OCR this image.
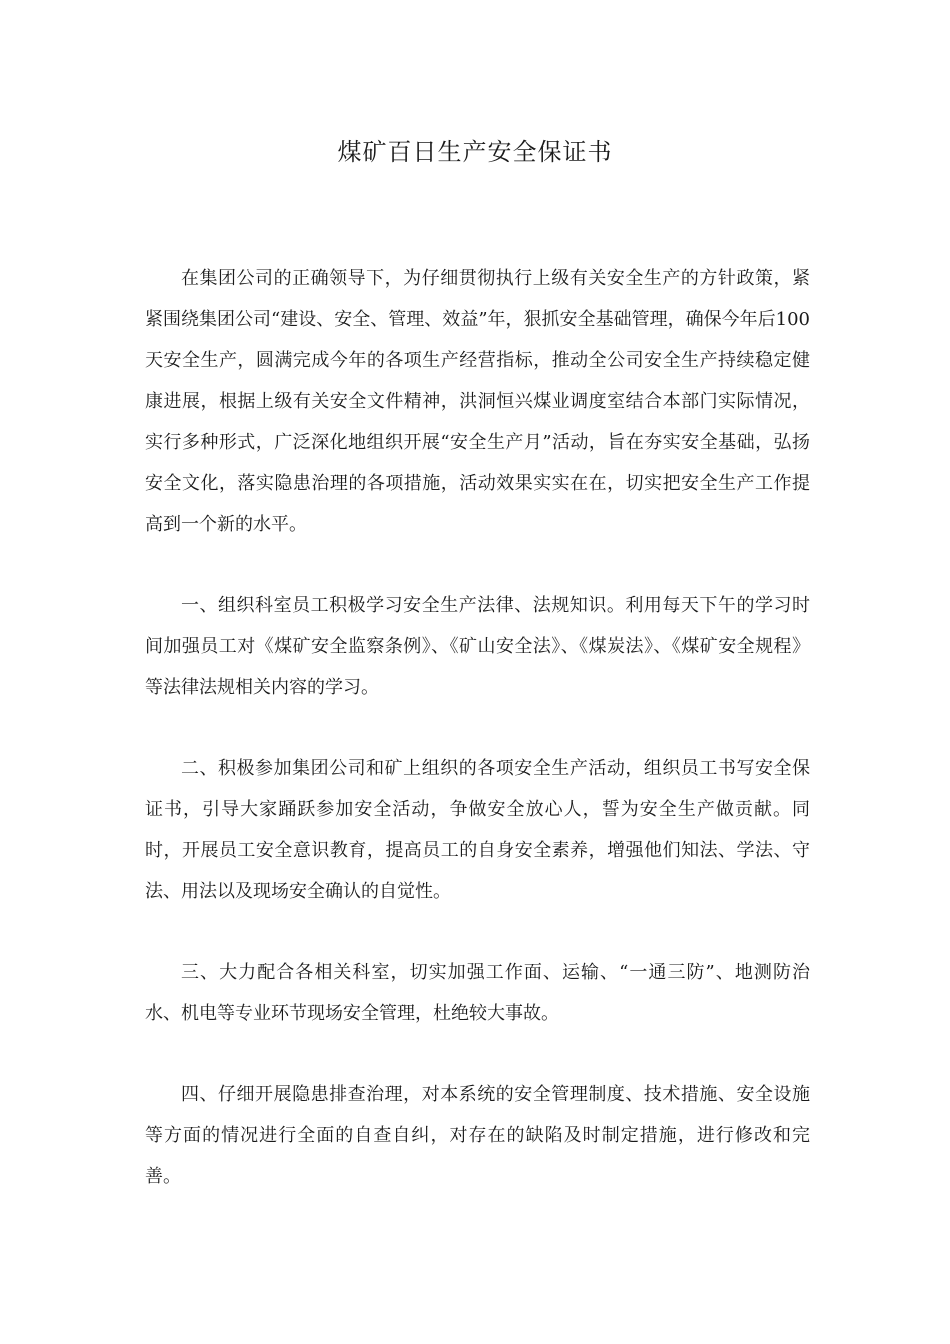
煤矿百日生产安全保证书

在集团公司的正确领导下，为仔细贯彻执行上级有关安全生产的方针政策，紧紧围绕集团公司“建设、安全、管理、效益”年，狠抓安全基础管理，确保今年后100天安全生产，圆满完成今年的各项生产经营指标，推动全公司安全生产持续稳定健康进展，根据上级有关安全文件精神，洪洞恒兴煤业调度室结合本部门实际情况，实行多种形式，广泛深化地组织开展“安全生产月”活动，旨在夯实安全基础，弘扬安全文化，落实隐患治理的各项措施，活动效果实实在在，切实把安全生产工作提高到一个新的水平。

一、组织科室员工积极学习安全生产法律、法规知识。利用每天下午的学习时间加强员工对《煤矿安全监察条例》、《矿山安全法》、《煤炭法》、《煤矿安全规程》等法律法规相关内容的学习。

二、积极参加集团公司和矿上组织的各项安全生产活动，组织员工书写安全保证书，引导大家踊跃参加安全活动，争做安全放心人，誓为安全生产做贡献。同时，开展员工安全意识教育，提高员工的自身安全素养，增强他们知法、学法、守法、用法以及现场安全确认的自觉性。

三、大力配合各相关科室，切实加强工作面、运输、“一通三防”、地测防治水、机电等专业环节现场安全管理，杜绝较大事故。

四、仔细开展隐患排查治理，对本系统的安全管理制度、技术措施、安全设施等方面的情况进行全面的自查自纠，对存在的缺陷及时制定措施，进行修改和完善。
